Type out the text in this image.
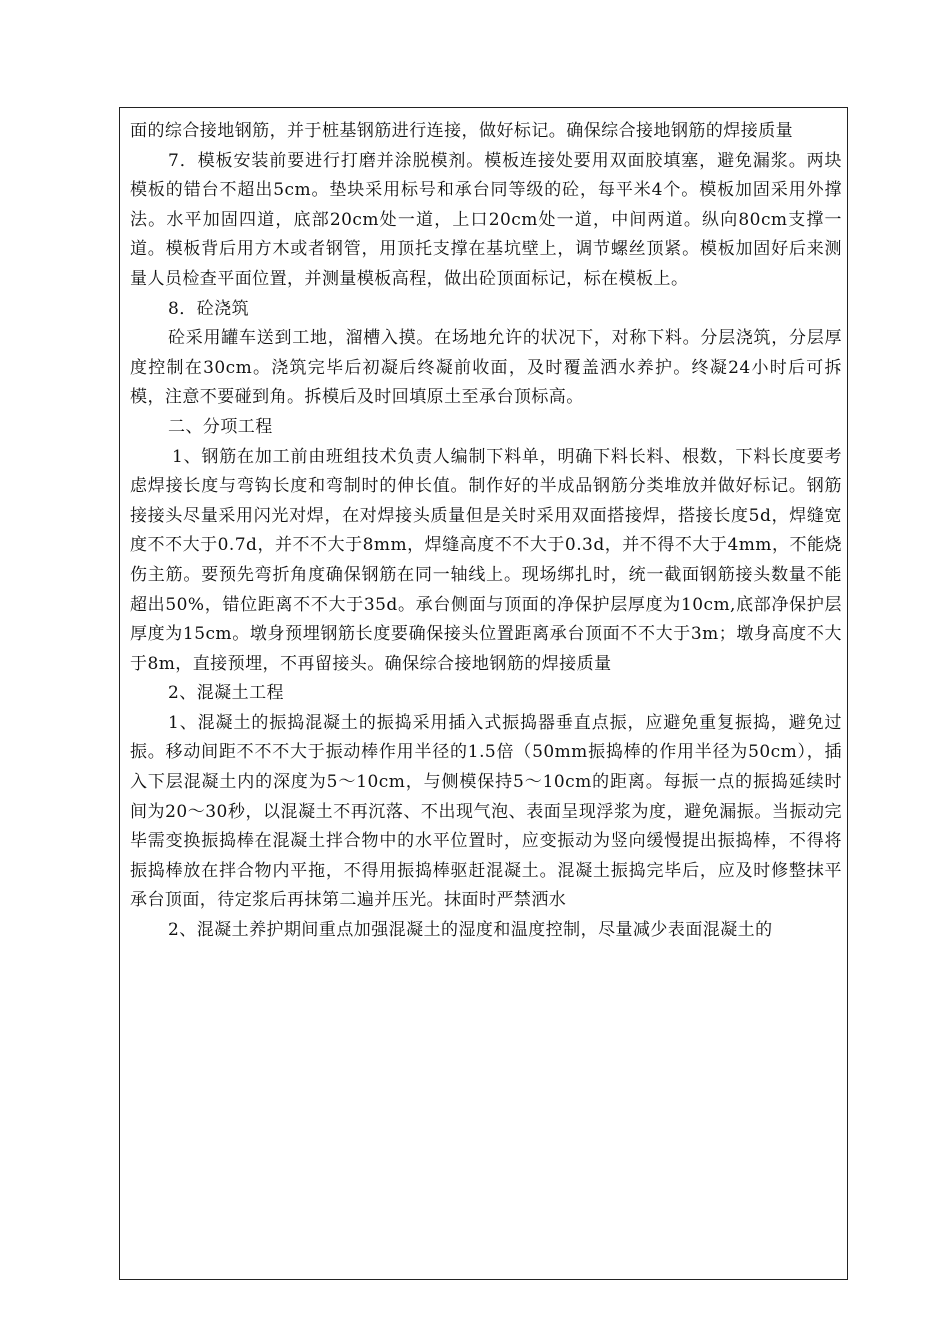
面的综合接地钢筋，并于桩基钢筋进行连接，做好标记。确保综合接地钢筋的焊接质量

7．模板安装前要进行打磨并涂脱模剂。模板连接处要用双面胶填塞，避免漏浆。两块模板的错台不超出5cm。垫块采用标号和承台同等级的砼，每平米4个。模板加固采用外撑法。水平加固四道，底部20cm处一道，上口20cm处一道，中间两道。纵向80cm支撑一道。模板背后用方木或者钢管，用顶托支撑在基坑壁上，调节螺丝顶紧。模板加固好后来测量人员检查平面位置，并测量模板高程，做出砼顶面标记，标在模板上。

8．砼浇筑

砼采用罐车送到工地，溜槽入摸。在场地允许的状况下，对称下料。分层浇筑，分层厚度控制在30cm。浇筑完毕后初凝后终凝前收面，及时覆盖洒水养护。终凝24小时后可拆模，注意不要碰到角。拆模后及时回填原土至承台顶标高。

二、分项工程

1、钢筋在加工前由班组技术负责人编制下料单，明确下料长料、根数，下料长度要考虑焊接长度与弯钩长度和弯制时的伸长值。制作好的半成品钢筋分类堆放并做好标记。钢筋接接头尽量采用闪光对焊，在对焊接头质量但是关时采用双面搭接焊，搭接长度5d，焊缝宽度不不大于0.7d，并不不大于8mm，焊缝高度不不大于0.3d，并不得不大于4mm，不能烧伤主筋。要预先弯折角度确保钢筋在同一轴线上。现场绑扎时，统一截面钢筋接头数量不能超出50%，错位距离不不大于35d。承台侧面与顶面的净保护层厚度为10cm,底部净保护层厚度为15cm。墩身预埋钢筋长度要确保接头位置距离承台顶面不不大于3m；墩身高度不大于8m，直接预埋，不再留接头。确保综合接地钢筋的焊接质量

2、混凝土工程

1、混凝土的振捣混凝土的振捣采用插入式振捣器垂直点振，应避免重复振捣，避免过振。移动间距不不不大于振动棒作用半径的1.5倍（50mm振捣棒的作用半径为50cm），插入下层混凝土内的深度为5～10cm，与侧模保持5～10cm的距离。每振一点的振捣延续时间为20～30秒，以混凝土不再沉落、不出现气泡、表面呈现浮浆为度，避免漏振。当振动完毕需变换振捣棒在混凝土拌合物中的水平位置时，应变振动为竖向缓慢提出振捣棒，不得将振捣棒放在拌合物内平拖，不得用振捣棒驱赶混凝土。混凝土振捣完毕后，应及时修整抹平承台顶面，待定浆后再抹第二遍并压光。抹面时严禁洒水

2、混凝土养护期间重点加强混凝土的湿度和温度控制，尽量减少表面混凝土的
